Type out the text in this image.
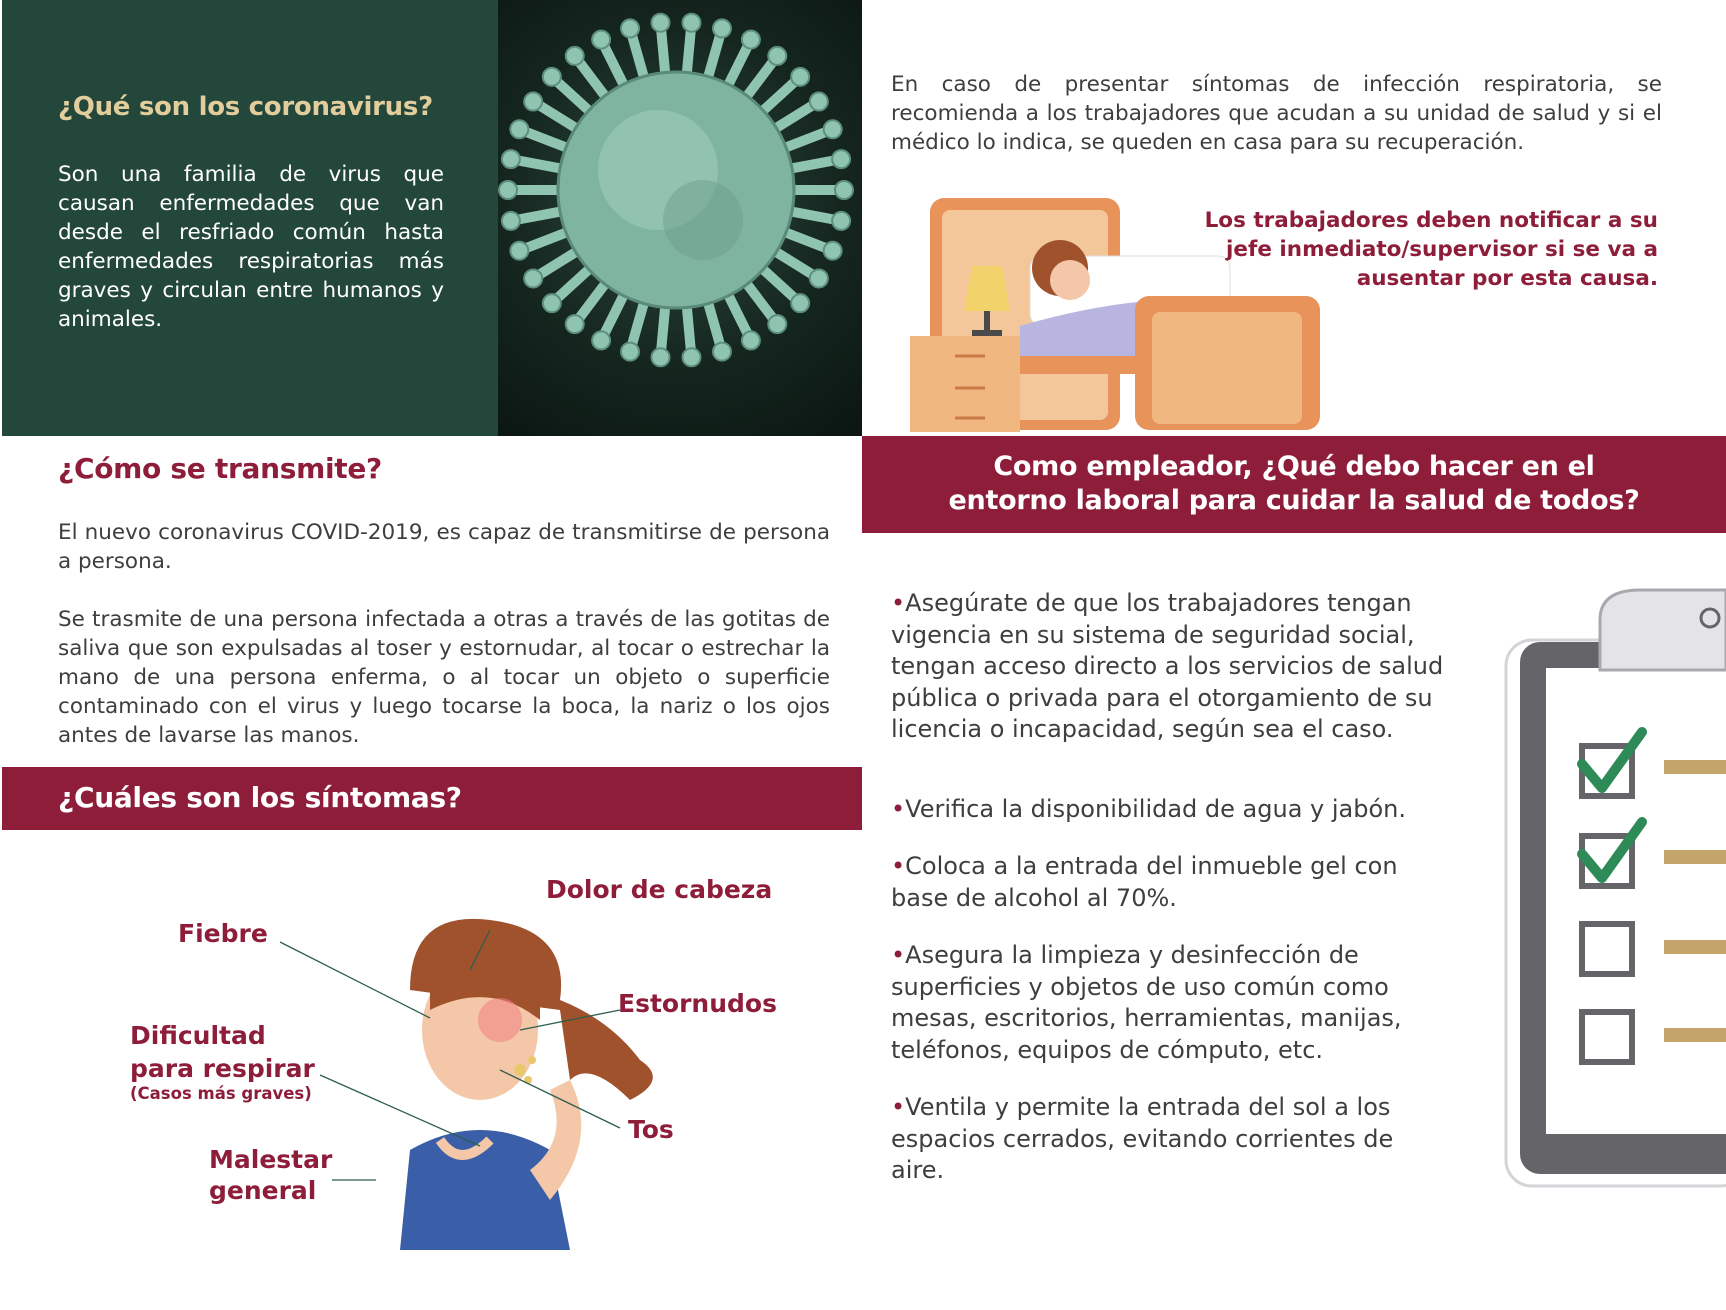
¿Qué son los coronavirus?
Son una familia de virus que causan enfermedades que van desde el resfriado común hasta enfermedades respiratorias más graves y circulan entre humanos y animales.
En caso de presentar síntomas de infección respiratoria, se recomienda a los trabajadores que acudan a su unidad de salud y si el médico lo indica, se queden en casa para su recuperación.
Los trabajadores deben notificar a su jefe inmediato/supervisor si se va a ausentar por esta causa.
¿Cómo se transmite?
El nuevo coronavirus COVID-2019, es capaz de transmitirse de persona a persona.
Se trasmite de una persona infectada a otras a través de las gotitas de saliva que son expulsadas al toser y estornudar, al tocar o estrechar la mano de una persona enferma, o al tocar un objeto o superficie contaminado con el virus y luego tocarse la boca, la nariz o los ojos antes de lavarse las manos.
¿Cuáles son los síntomas?
Dolor de cabeza
Fiebre
Estornudos
Dificultad
para respirar
(Casos más graves)
Tos
Malestar
general
Como empleador, ¿Qué debo hacer en el
entorno laboral para cuidar la salud de todos?
•Asegúrate de que los trabajadores tengan vigencia en su sistema de seguridad social, tengan acceso directo a los servicios de salud pública o privada para el otorgamiento de su licencia o incapacidad, según sea el caso.
•Verifica la disponibilidad de agua y jabón.
•Coloca a la entrada del inmueble gel con base de alcohol al 70%.
•Asegura la limpieza y desinfección de superficies y objetos de uso común como mesas, escritorios, herramientas, manijas, teléfonos, equipos de cómputo, etc.
•Ventila y permite la entrada del sol a los espacios cerrados, evitando corrientes de aire.
